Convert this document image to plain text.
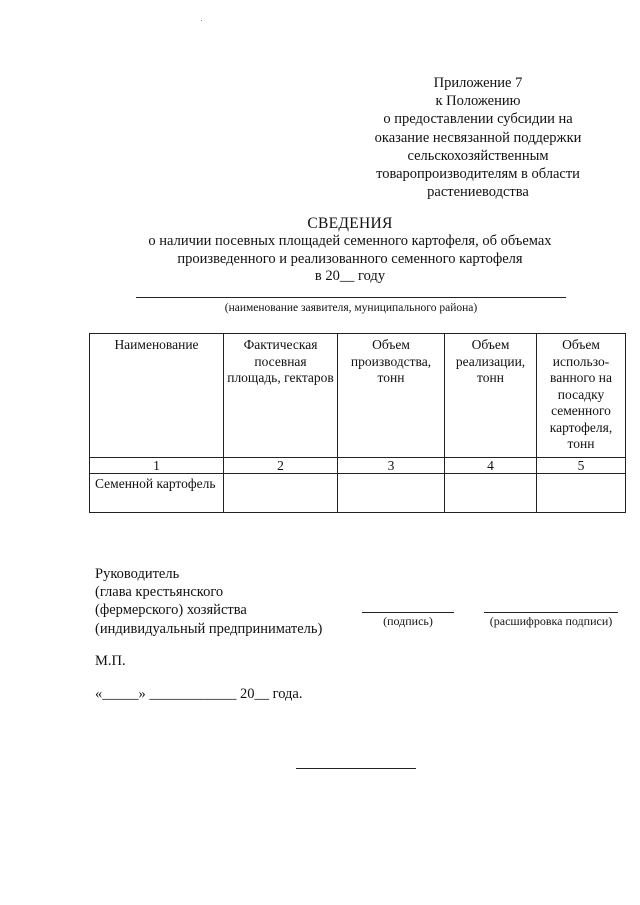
Приложение 7
к Положению
о предоставлении субсидии на
оказание несвязанной поддержки
сельскохозяйственным
товаропроизводителям в области
растениеводства
СВЕДЕНИЯ
о наличии посевных площадей семенного картофеля, об объемах
произведенного и реализованного семенного картофеля
в 20__ году
(наименование заявителя, муниципального района)
Наименование	Фактическая посевная площадь, гектаров	Объем производства, тонн	Объем реализации, тонн	Объем использо-ванного на посадку семенного картофеля, тонн
1	2	3	4	5
Семенной картофель				
Руководитель
(глава крестьянского
(фермерского) хозяйства
(индивидуальный предприниматель)	(подпись)	(расшифровка подписи)
М.П.
«_____» ____________ 20__ года.
